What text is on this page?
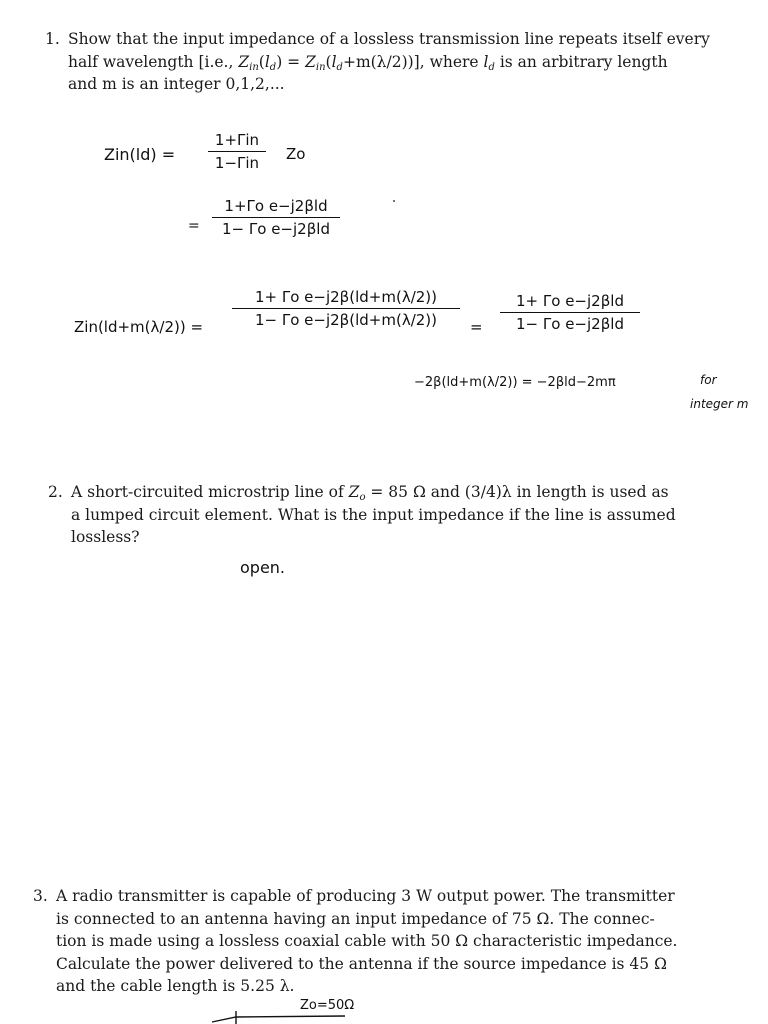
1. Show that the input impedance of a lossless transmission line repeats itself every
half wavelength [i.e., $Z_{in}(l_d) = Z_{in}(l_d+m(\lambda/2))$], where $l_d$ is an arbitrary length
and m is an integer 0,1,2,...
Zin(ld) =
1+Γin
1−Γin	Zo
=
1+Γo e−j2βld
1− Γo e−j2βld
Zin(ld+m(λ/2)) =
1+ Γo e−j2β(ld+m(λ/2))
1− Γo e−j2β(ld+m(λ/2))	=
1+ Γo e−j2βld
1− Γo e−j2βld
−2β(ld+m(λ/2)) = −2βld−2mπ	for
integer m
2. A short-circuited microstrip line of $Z_o = 85$ Ω and (3/4)λ in length is used as
a lumped circuit element. What is the input impedance if the line is assumed
lossless?
open.
3. A radio transmitter is capable of producing 3 W output power. The transmitter
is connected to an antenna having an input impedance of 75 Ω. The connec-
tion is made using a lossless coaxial cable with 50 Ω characteristic impedance.
Calculate the power delivered to the antenna if the source impedance is 45 Ω
and the cable length is 5.25 λ.
Zo=50Ω
